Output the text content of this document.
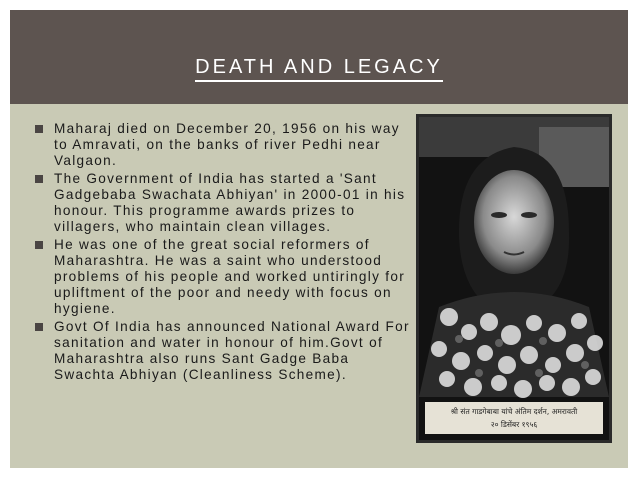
DEATH AND LEGACY
Maharaj died on December 20, 1956 on his way to Amravati, on the banks of river Pedhi near Valgaon.
The Government of India has started a 'Sant Gadgebaba Swachata Abhiyan' in 2000-01 in his honour. This programme awards prizes to villagers, who maintain clean villages.
He was one of the great social reformers of Maharashtra. He was a saint who understood problems of his people and worked untiringly for upliftment of the poor and needy with focus on hygiene.
Govt Of India has announced National Award For sanitation and water in honour of him.Govt of Maharashtra also runs Sant Gadge Baba Swachta Abhiyan (Cleanliness Scheme).
श्री संत गाडगेबाबा यांचे अंतिम दर्शन, अमरावती
२० डिसेंबर १९५६
